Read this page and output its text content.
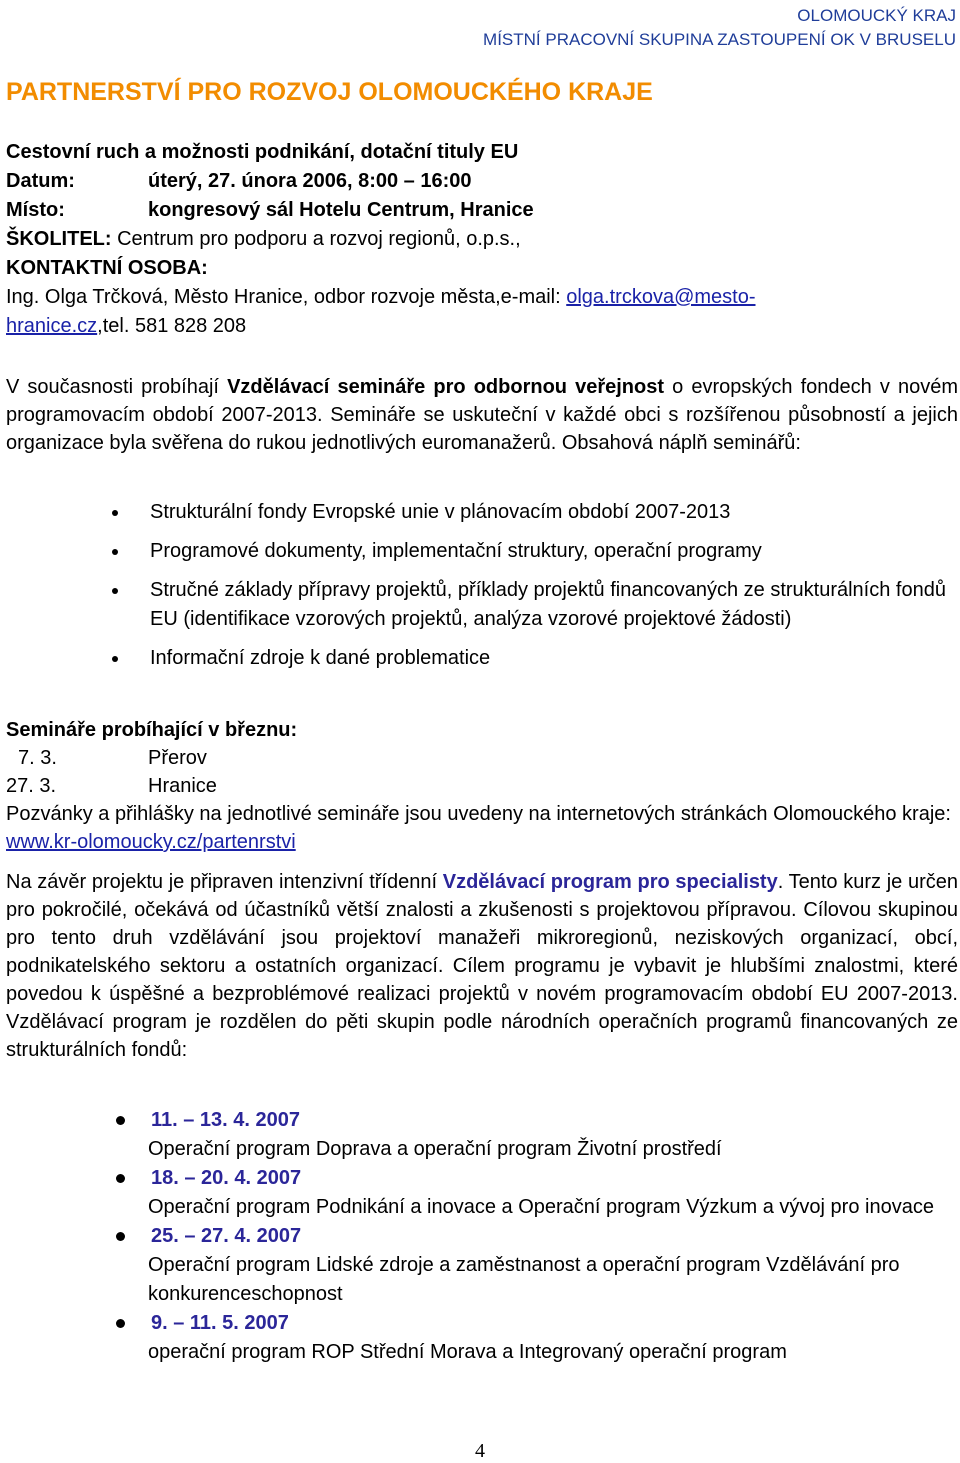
OLOMOUCKÝ KRAJ
MÍSTNÍ PRACOVNÍ SKUPINA ZASTOUPENÍ OK V BRUSELU
PARTNERSTVÍ PRO ROZVOJ OLOMOUCKÉHO KRAJE
Cestovní ruch a možnosti podnikání, dotační tituly EU
Datum:	úterý, 27. února 2006, 8:00 – 16:00
Místo:	kongresový sál Hotelu Centrum, Hranice
ŠKOLITEL: Centrum pro podporu a rozvoj regionů, o.p.s.,
KONTAKTNÍ OSOBA:
Ing. Olga Trčková, Město Hranice, odbor rozvoje města,e-mail: olga.trckova@mesto-
hranice.cz,tel. 581 828 208
V současnosti probíhají Vzdělávací semináře pro odbornou veřejnost o evropských fondech v novém programovacím období 2007-2013. Semináře se uskuteční v každé obci s rozšířenou působností a jejich organizace byla svěřena do rukou jednotlivých euromanažerů. Obsahová náplň seminářů:
Strukturální fondy Evropské unie v plánovacím období 2007-2013
Programové dokumenty, implementační struktury, operační programy
Stručné základy přípravy projektů, příklady projektů financovaných ze strukturálních fondů EU (identifikace vzorových projektů, analýza vzorové projektové žádosti)
Informační zdroje k dané problematice
Semináře probíhající v březnu:
7. 3.	Přerov
27. 3.	Hranice
Pozvánky a přihlášky na jednotlivé semináře jsou uvedeny na internetových stránkách Olomouckého kraje: www.kr-olomoucky.cz/partenrstvi
Na závěr projektu je připraven intenzivní třídenní Vzdělávací program pro specialisty. Tento kurz je určen pro pokročilé, očekává od účastníků větší znalosti a zkušenosti s projektovou přípravou. Cílovou skupinou pro tento druh vzdělávání jsou projektoví manažeři mikroregionů, neziskových organizací, obcí, podnikatelského sektoru a ostatních organizací. Cílem programu je vybavit je hlubšími znalostmi, které povedou k úspěšné a bezproblémové realizaci projektů v novém programovacím období EU 2007-2013. Vzdělávací program je rozdělen do pěti skupin podle národních operačních programů financovaných ze strukturálních fondů:
11. – 13. 4. 2007
Operační program Doprava a operační program Životní prostředí
18. – 20. 4. 2007
Operační program Podnikání a inovace a Operační program Výzkum a vývoj pro inovace
25. – 27. 4. 2007
Operační program Lidské zdroje a zaměstnanost a operační program Vzdělávání pro konkurenceschopnost
9. – 11. 5. 2007
operační program ROP Střední Morava a Integrovaný operační program
4
